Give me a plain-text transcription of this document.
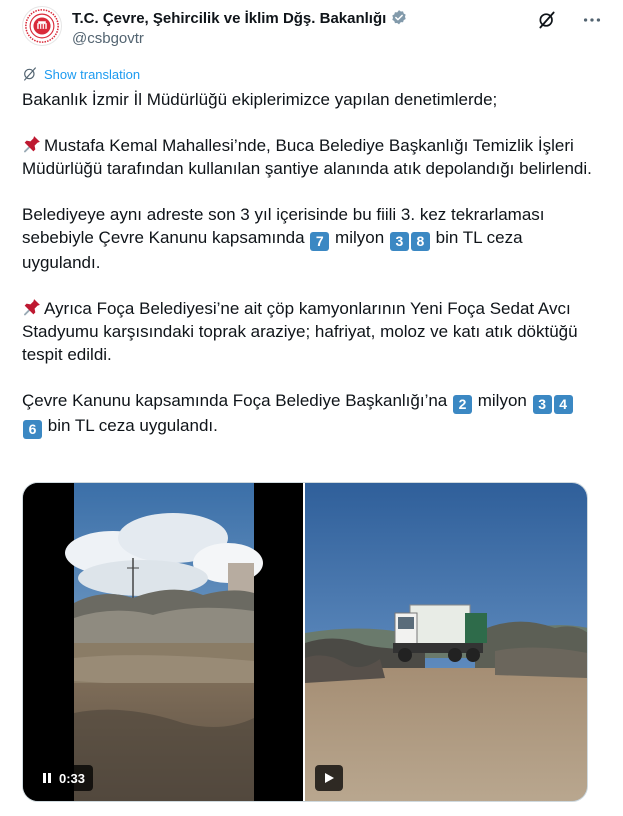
T.C. Çevre, Şehircilik ve İklim Dğş. Bakanlığı
@csbgovtr
Show translation

Bakanlık İzmir İl Müdürlüğü ekiplerimizce yapılan denetimlerde;

Mustafa Kemal Mahallesi’nde, Buca Belediye Başkanlığı Temizlik İşleri Müdürlüğü tarafından kullanılan şantiye alanında atık depolandığı belirlendi.

Belediyeye aynı adreste son 3 yıl içerisinde bu fiili 3. kez tekrarlaması sebebiyle Çevre Kanunu kapsamında 7 milyon 3 8 bin TL ceza uygulandı.

Ayrıca Foça Belediyesi’ne ait çöp kamyonlarının Yeni Foça Sedat Avcı Stadyumu karşısındaki toprak araziye; hafriyat, moloz ve katı atık döktüğü tespit edildi.

Çevre Kanunu kapsamında Foça Belediye Başkanlığı’na 2 milyon 3 4
6 bin TL ceza uygulandı.

0:33
